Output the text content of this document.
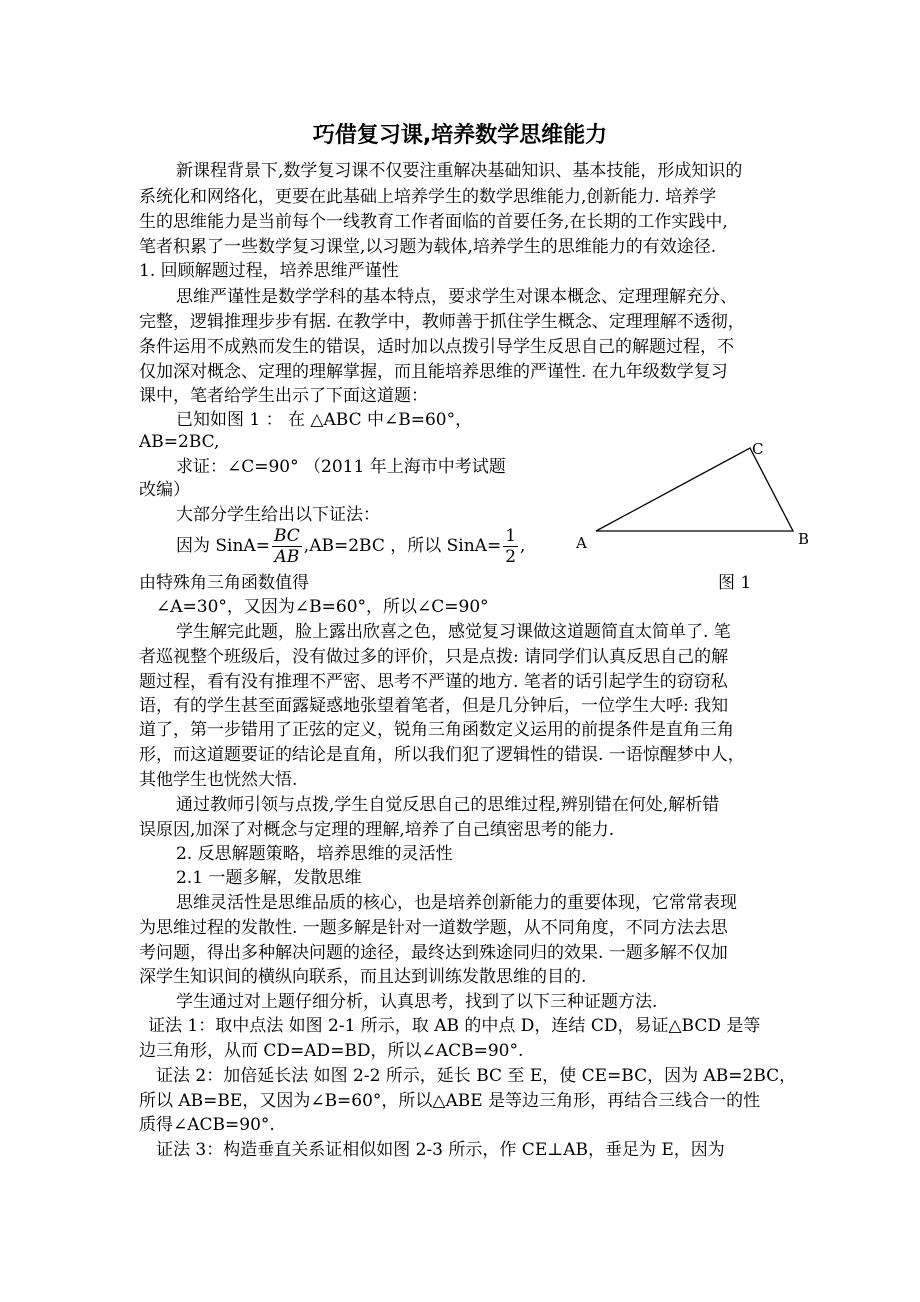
巧借复习课,培养数学思维能力
新课程背景下,数学复习课不仅要注重解决基础知识、基本技能，形成知识的
系统化和网络化，更要在此基础上培养学生的数学思维能力,创新能力. 培养学
生的思维能力是当前每个一线教育工作者面临的首要任务,在长期的工作实践中,
笔者积累了一些数学复习课堂,以习题为载体,培养学生的思维能力的有效途径.
1. 回顾解题过程，培养思维严谨性
思维严谨性是数学学科的基本特点，要求学生对课本概念、定理理解充分、
完整，逻辑推理步步有据. 在教学中，教师善于抓住学生概念、定理理解不透彻，
条件运用不成熟而发生的错误，适时加以点拨引导学生反思自己的解题过程，不
仅加深对概念、定理的理解掌握，而且能培养思维的严谨性. 在九年级数学复习
课中，笔者给学生出示了下面这道题：
已知如图 1 ： 在 △ABC 中∠B=60°，
AB=2BC,
求证：∠C=90° （2011 年上海市中考试题
改编）
大部分学生给出以下证法：
因为 SinA= $\frac{BC}{AB} ,AB=2BC$ ，所以 SinA= $\frac{1}{2}$ ,
由特殊角三角函数值得
∠A=30°，又因为∠B=60°，所以∠C=90°
A	B
C
图 1
学生解完此题，脸上露出欣喜之色，感觉复习课做这道题简直太简单了. 笔
者巡视整个班级后，没有做过多的评价，只是点拨: 请同学们认真反思自己的解
题过程，看有没有推理不严密、思考不严谨的地方. 笔者的话引起学生的窃窃私
语，有的学生甚至面露疑惑地张望着笔者，但是几分钟后，一位学生大呼: 我知
道了，第一步错用了正弦的定义，锐角三角函数定义运用的前提条件是直角三角
形，而这道题要证的结论是直角，所以我们犯了逻辑性的错误. 一语惊醒梦中人，
其他学生也恍然大悟.
通过教师引领与点拨,学生自觉反思自己的思维过程,辨别错在何处,解析错
误原因,加深了对概念与定理的理解,培养了自己缜密思考的能力.
2. 反思解题策略，培养思维的灵活性
2.1 一题多解，发散思维
思维灵活性是思维品质的核心，也是培养创新能力的重要体现，它常常表现
为思维过程的发散性. 一题多解是针对一道数学题，从不同角度，不同方法去思
考问题，得出多种解决问题的途径，最终达到殊途同归的效果. 一题多解不仅加
深学生知识间的横纵向联系，而且达到训练发散思维的目的.
学生通过对上题仔细分析，认真思考，找到了以下三种证题方法.
证法 1：取中点法 如图 2-1 所示，取 AB 的中点 D，连结 CD，易证△BCD 是等
边三角形，从而 CD=AD=BD，所以∠ACB=90°.
证法 2：加倍延长法 如图 2-2 所示，延长 BC 至 E，使 CE=BC，因为 AB=2BC，
所以 AB=BE，又因为∠B=60°，所以△ABE 是等边三角形，再结合三线合一的性
质得∠ACB=90°.
证法 3：构造垂直关系证相似如图 2-3 所示，作 CE⊥AB，垂足为 E，因为
